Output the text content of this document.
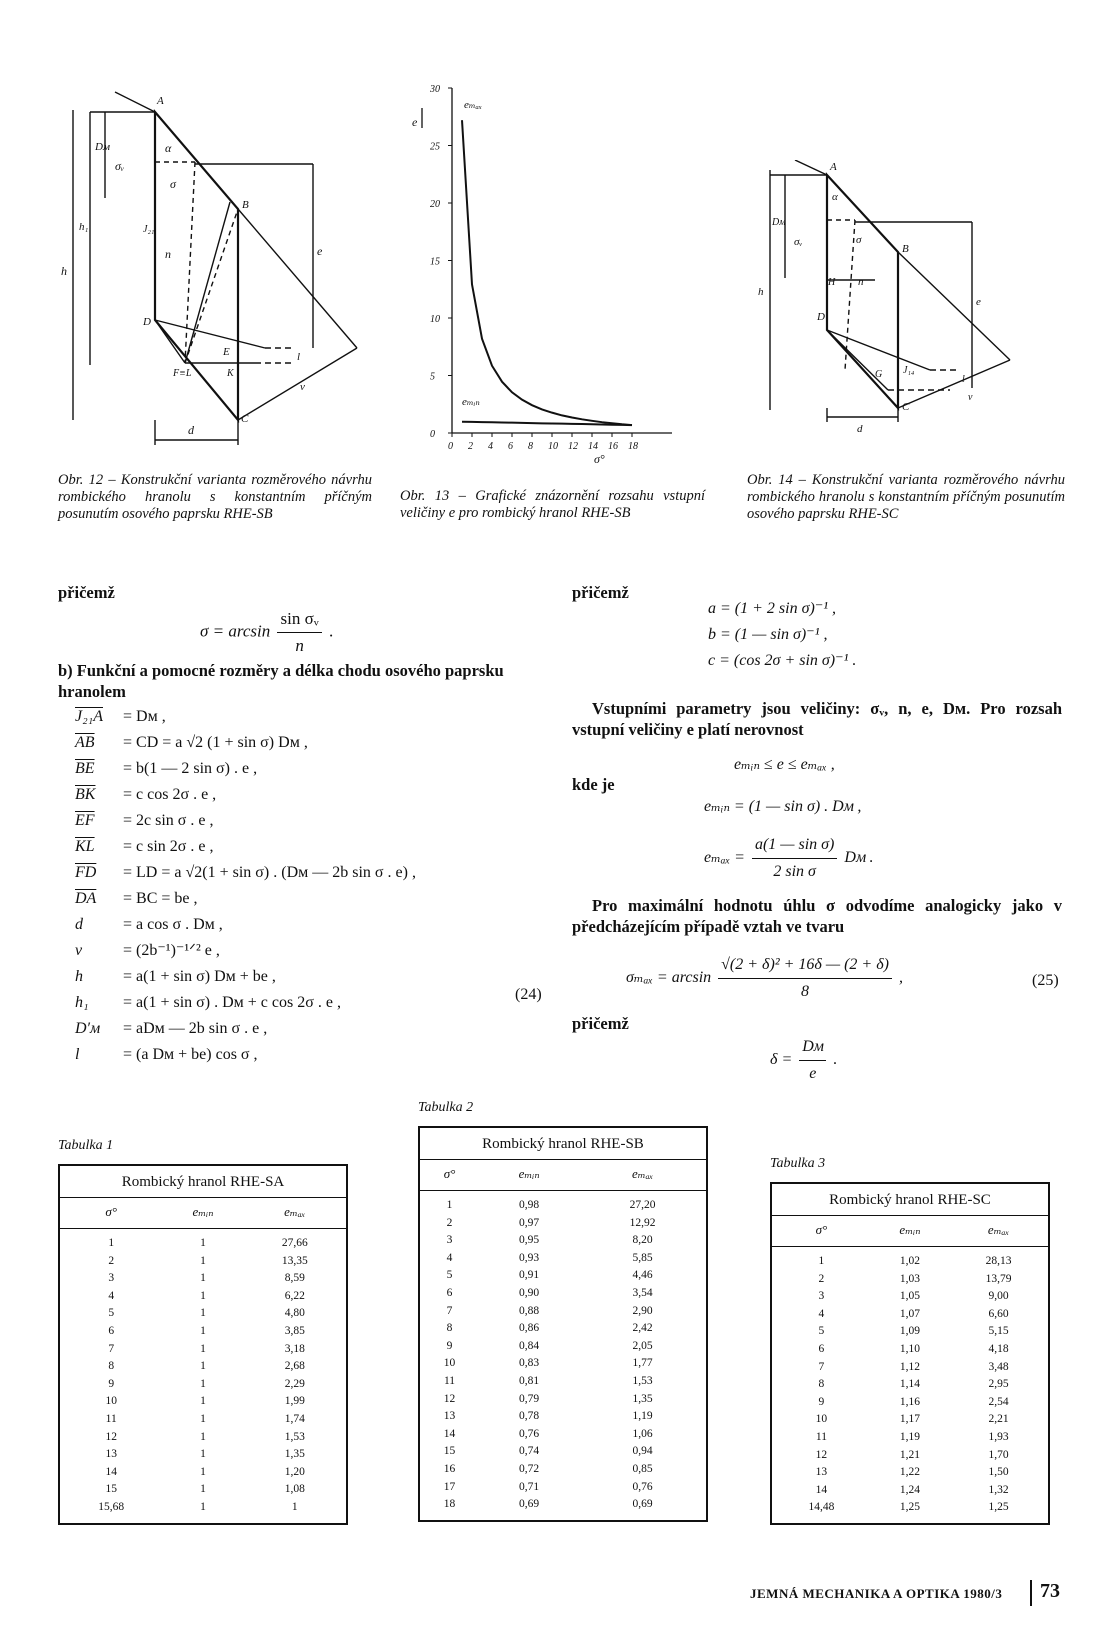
A
B
C
D
F≡L	K
σᵥ
σ
J₂₁
n
α
E
d
h
h₁
Dᴍ
e
l
v
Obr. 12 – Konstrukční varianta rozměrového návrhu rombického hranolu s konstantním příčným posunutím osového paprsku RHE-SB
e
σ°
0 2 4 6 8 10 12 14 16 18
0
5
10
15
20
25
30
eₘₐₓ
eₘᵢₙ
Obr. 13 – Grafické znázornění rozsahu vstupní veličiny e pro rombický hranol RHE-SB
A
B
C
D
G
H
J₁₄
σᵥ	σ
n
α
d
h
Dᴍ
e
l
v
Obr. 14 – Konstrukční varianta rozměrového návrhu rombického hranolu s konstantním příčným posunutím osového paprsku RHE-SC
přičemž
$\sigma = \arcsin \frac{\text{sin σᵥ}}{n}$ .
b) Funkční a pomocné rozměry a délka chodu osového paprsku hranolem
J₂₁A = Dᴍ ,
$\overline{AB}$ = CD = a √2 (1 + sin σ) Dᴍ ,
$\overline{BE} = b(1$ — 2 sin σ) . e ,
$\overline{BK} = c$ cos 2σ . e ,
$\overline{EF} = 2c$ sin σ . e ,
$\overline{KL} = c$ sin 2σ . e ,
$\overline{FD}$ = LD = a √2(1 + sin σ) . (Dᴍ — 2b sin σ . e) ,
$\overline{DA}$ = BC = be ,
d	= a cos σ . Dᴍ ,
v	= (2b⁻¹)⁻¹ᐟ² e ,
h	= a(1 + sin σ) Dᴍ + be ,
h₁ = a(1 + sin σ) . Dᴍ + c cos 2σ . e ,
D′ᴍ = aDᴍ — 2b sin σ . e ,
l	= (a Dᴍ + be) cos σ ,
(24)
přičemž
a = (1 + 2 sin σ)⁻¹ ,
b = (1 — sin σ)⁻¹ ,
c = (cos 2σ + sin σ)⁻¹ .
Vstupními parametry jsou veličiny: σᵥ, n, e, Dᴍ. Pro rozsah vstupní veličiny e platí nerovnost
eₘᵢₙ ≤ e ≤ eₘₐₓ ,
kde je
eₘᵢₙ = (1 — sin σ) . Dᴍ ,
$e_{max} = \frac{\text{a(1 — sin σ)}}{\text{2 sin σ}}$ Dᴍ .
Pro maximální hodnotu úhlu σ odvodíme analogicky jako v předcházejícím případě vztah ve tvaru
$\sigma_{max} = \arcsin \frac{\text{√(2 + δ)² + 16δ — (2 + δ)}}{8}$ ,	(25)
přičemž
$\delta = \frac{\text{Dᴍ}}{e}$ .
Tabulka 1
Rombický hranol RHE-SA		
σ°	eₘᵢₙ	eₘₐₓ
1	1	27,66
2	1	13,35
3	1	8,59
4	1	6,22
5	1	4,80
6	1	3,85
7	1	3,18
8	1	2,68
9	1	2,29
10	1	1,99
11	1	1,74
12	1	1,53
13	1	1,35
14	1	1,20
15	1	1,08
15,68	1	1
Tabulka 2
Rombický hranol RHE-SB		
σ°	eₘᵢₙ	eₘₐₓ
1	0,98	27,20
2	0,97	12,92
3	0,95	8,20
4	0,93	5,85
5	0,91	4,46
6	0,90	3,54
7	0,88	2,90
8	0,86	2,42
9	0,84	2,05
10	0,83	1,77
11	0,81	1,53
12	0,79	1,35
13	0,78	1,19
14	0,76	1,06
15	0,74	0,94
16	0,72	0,85
17	0,71	0,76
18	0,69	0,69
Tabulka 3
Rombický hranol RHE-SC		
σ°	eₘᵢₙ	eₘₐₓ
1	1,02	28,13
2	1,03	13,79
3	1,05	9,00
4	1,07	6,60
5	1,09	5,15
6	1,10	4,18
7	1,12	3,48
8	1,14	2,95
9	1,16	2,54
10	1,17	2,21
11	1,19	1,93
12	1,21	1,70
13	1,22	1,50
14	1,24	1,32
14,48	1,25	1,25
JEMNÁ MECHANIKA A OPTIKA 1980/3 73
